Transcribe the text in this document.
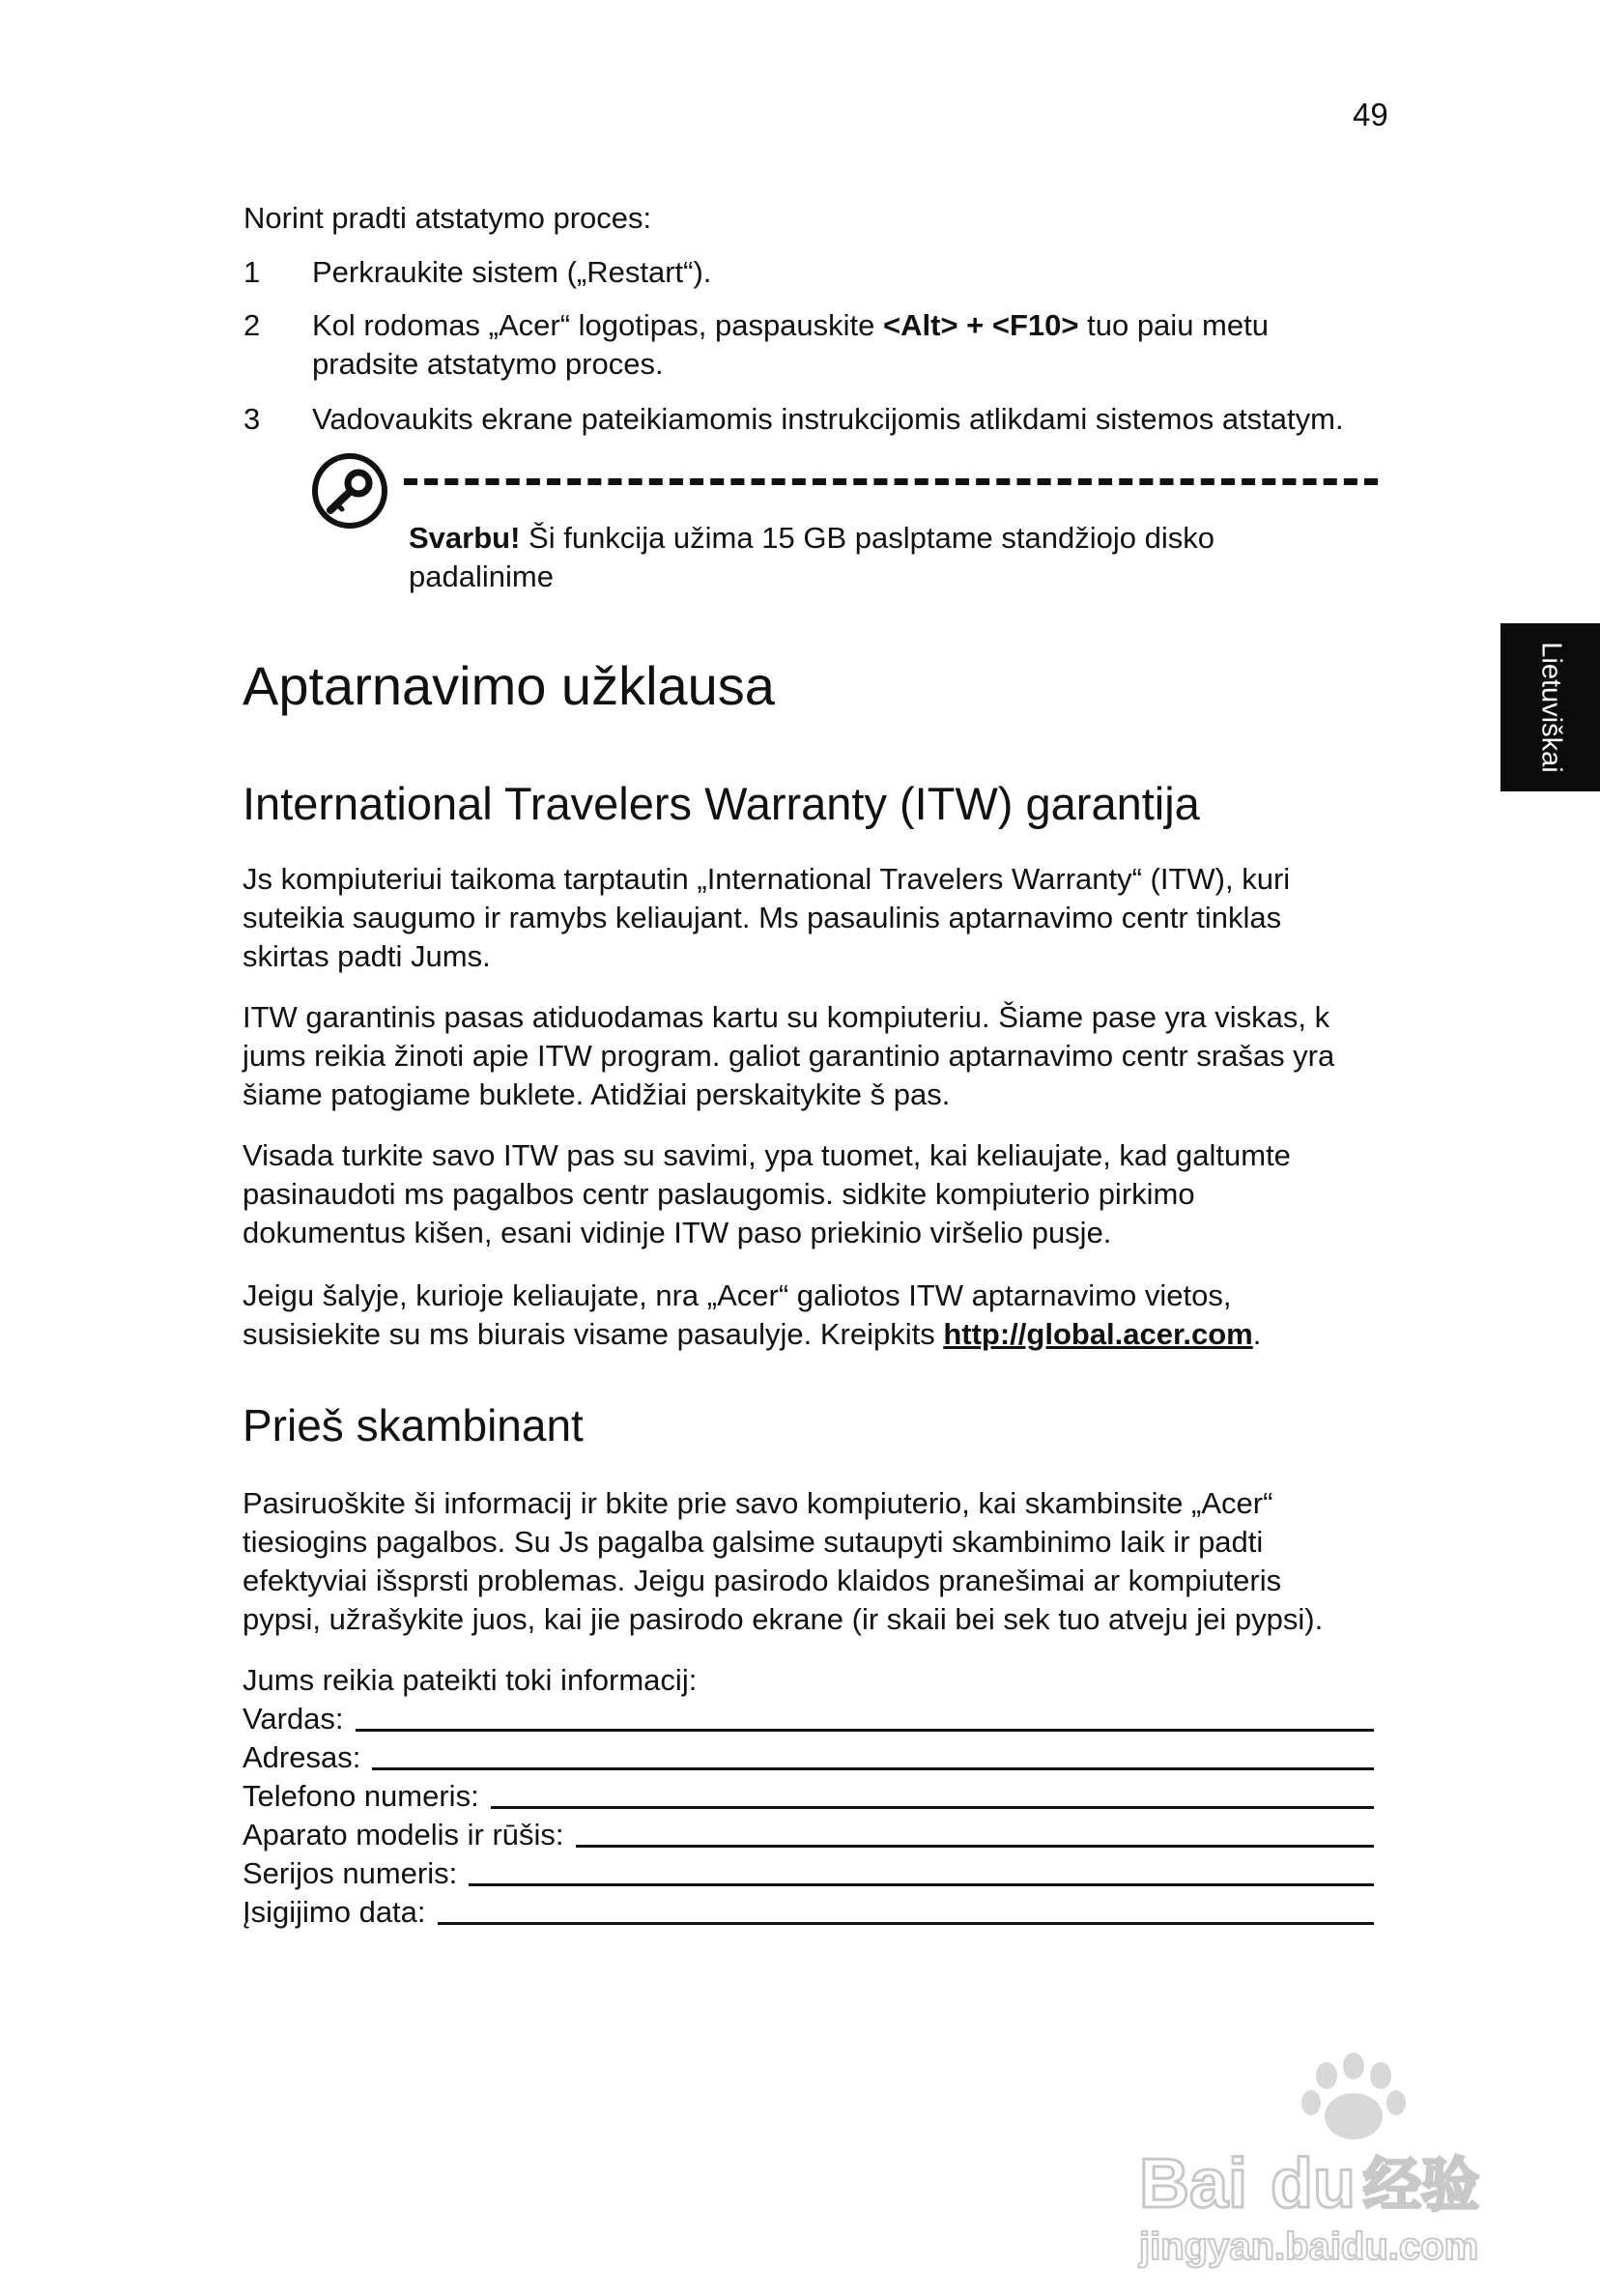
49
Lietuviškai
Norint pradti atstatymo proces:
1 Perkraukite sistem („Restart“).
2 Kol rodomas „Acer“ logotipas, paspauskite <Alt> + <F10> tuo paiu metu
pradsite atstatymo proces.
3 Vadovaukits ekrane pateikiamomis instrukcijomis atlikdami sistemos atstatym.
Svarbu! Ši funkcija užima 15 GB paslptame standžiojo disko
padalinime
Aptarnavimo užklausa
International Travelers Warranty (ITW) garantija
Js kompiuteriui taikoma tarptautin „International Travelers Warranty“ (ITW), kuri
suteikia saugumo ir ramybs keliaujant. Ms pasaulinis aptarnavimo centr tinklas
skirtas padti Jums.
ITW garantinis pasas atiduodamas kartu su kompiuteriu. Šiame pase yra viskas, k
jums reikia žinoti apie ITW program. galiot garantinio aptarnavimo centr srašas yra
šiame patogiame buklete. Atidžiai perskaitykite š pas.
Visada turkite savo ITW pas su savimi, ypa tuomet, kai keliaujate, kad galtumte
pasinaudoti ms pagalbos centr paslaugomis. sidkite kompiuterio pirkimo
dokumentus kišen, esani vidinje ITW paso priekinio viršelio pusje.
Jeigu šalyje, kurioje keliaujate, nra „Acer“ galiotos ITW aptarnavimo vietos,
susisiekite su ms biurais visame pasaulyje. Kreipkits http://global.acer.com.
Prieš skambinant
Pasiruoškite ši informacij ir bkite prie savo kompiuterio, kai skambinsite „Acer“
tiesiogins pagalbos. Su Js pagalba galsime sutaupyti skambinimo laik ir padti
efektyviai išsprsti problemas. Jeigu pasirodo klaidos pranešimai ar kompiuteris
pypsi, užrašykite juos, kai jie pasirodo ekrane (ir skaii bei sek tuo atveju jei pypsi).
Jums reikia pateikti toki informacij:
Vardas:
Adresas:
Telefono numeris:
Aparato modelis ir rūšis:
Serijos numeris:
Įsigijimo data:
Bai du 经验
jingyan.baidu.com
